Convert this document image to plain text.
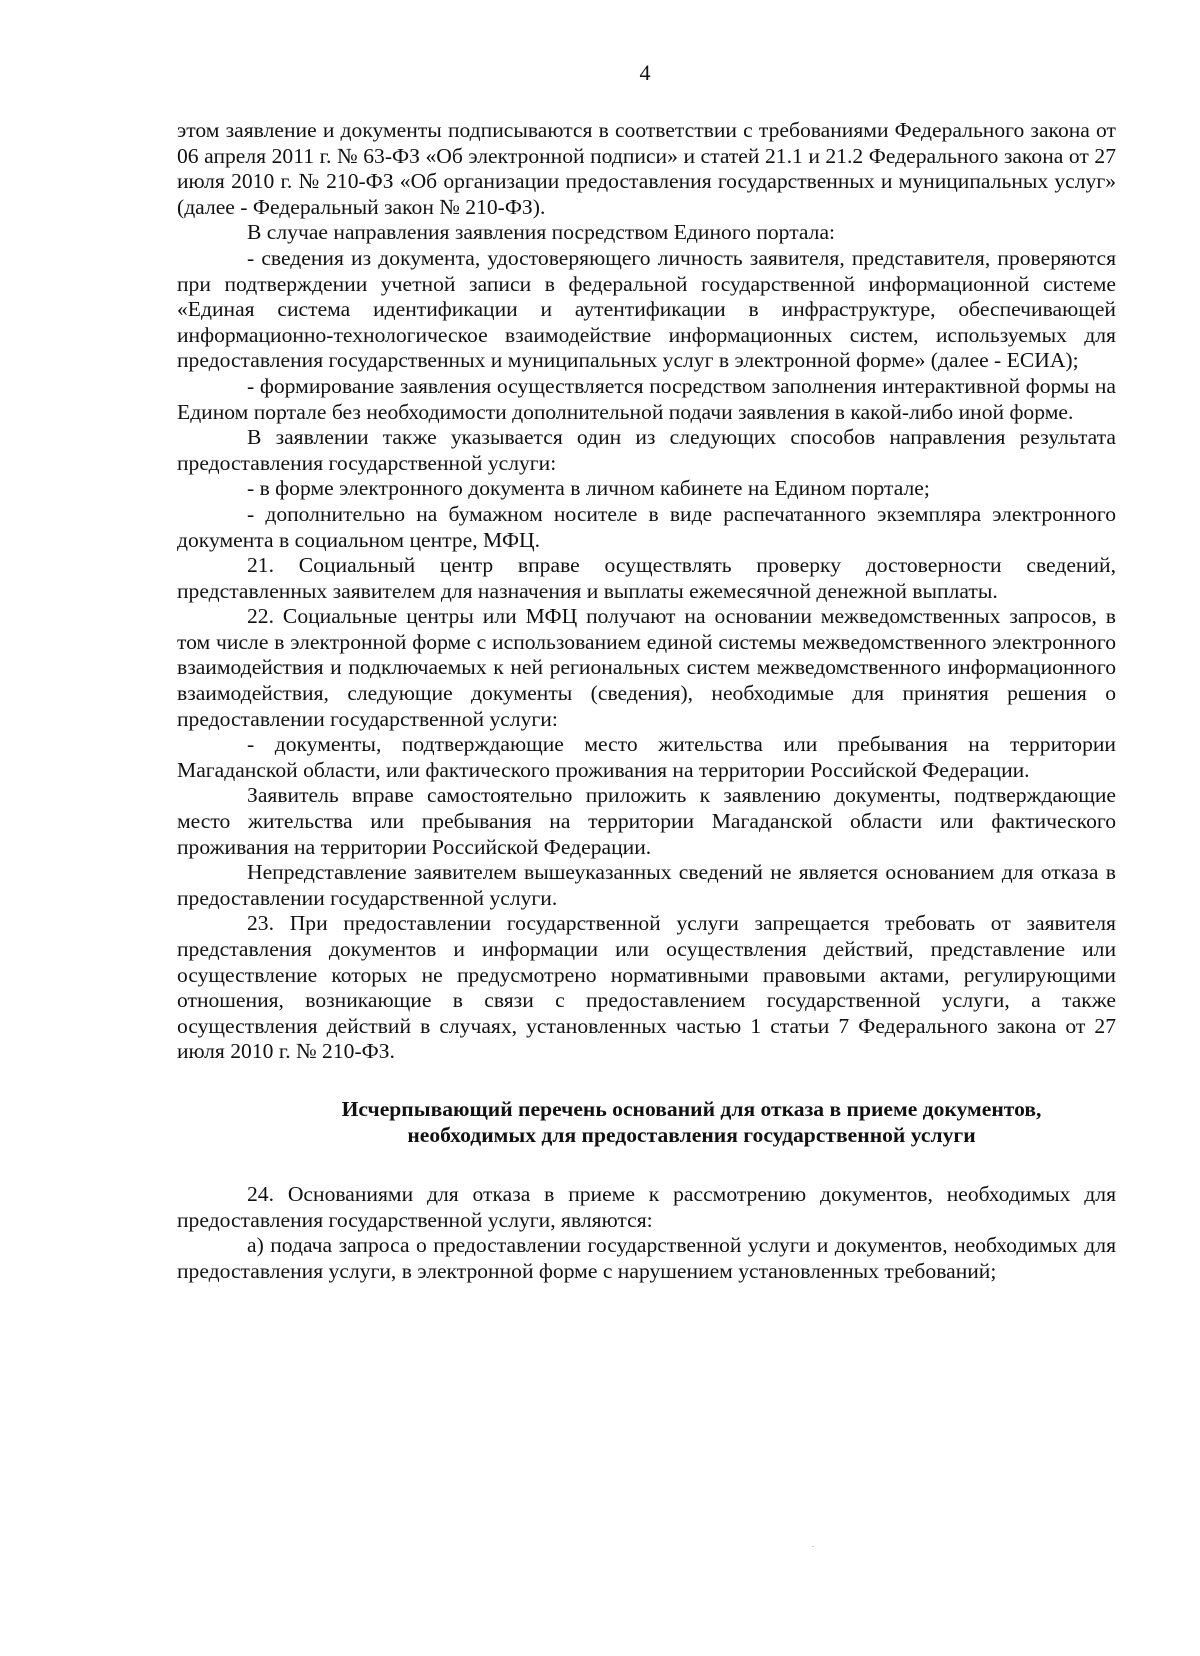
4

этом заявление и документы подписываются в соответствии с требованиями Федерального закона от 06 апреля 2011 г. № 63-ФЗ «Об электронной подписи» и статей 21.1 и 21.2 Федерального закона от 27 июля 2010 г. № 210-ФЗ «Об организации предоставления государственных и муниципальных услуг» (далее - Федеральный закон № 210-ФЗ).

В случае направления заявления посредством Единого портала:

- сведения из документа, удостоверяющего личность заявителя, представителя, проверяются при подтверждении учетной записи в федеральной государственной информационной системе «Единая система идентификации и аутентификации в инфраструктуре, обеспечивающей информационно-технологическое взаимодействие информационных систем, используемых для предоставления государственных и муниципальных услуг в электронной форме» (далее - ЕСИА);

- формирование заявления осуществляется посредством заполнения интерактивной формы на Едином портале без необходимости дополнительной подачи заявления в какой-либо иной форме.

В заявлении также указывается один из следующих способов направления результата предоставления государственной услуги:

- в форме электронного документа в личном кабинете на Едином портале;

- дополнительно на бумажном носителе в виде распечатанного экземпляра электронного документа в социальном центре, МФЦ.

21. Социальный центр вправе осуществлять проверку достоверности сведений, представленных заявителем для назначения и выплаты ежемесячной денежной выплаты.

22. Социальные центры или МФЦ получают на основании межведомственных запросов, в том числе в электронной форме с использованием единой системы межведомственного электронного взаимодействия и подключаемых к ней региональных систем межведомственного информационного взаимодействия, следующие документы (сведения), необходимые для принятия решения о предоставлении государственной услуги:

- документы, подтверждающие место жительства или пребывания на территории Магаданской области, или фактического проживания на территории Российской Федерации.

Заявитель вправе самостоятельно приложить к заявлению документы, подтверждающие место жительства или пребывания на территории Магаданской области или фактического проживания на территории Российской Федерации.

Непредставление заявителем вышеуказанных сведений не является основанием для отказа в предоставлении государственной услуги.

23. При предоставлении государственной услуги запрещается требовать от заявителя представления документов и информации или осуществления действий, представление или осуществление которых не предусмотрено нормативными правовыми актами, регулирующими отношения, возникающие в связи с предоставлением государственной услуги, а также осуществления действий в случаях, установленных частью 1 статьи 7 Федерального закона от 27 июля 2010 г. № 210-ФЗ.

Исчерпывающий перечень оснований для отказа в приеме документов,
необходимых для предоставления государственной услуги

24. Основаниями для отказа в приеме к рассмотрению документов, необходимых для предоставления государственной услуги, являются:

а) подача запроса о предоставлении государственной услуги и документов, необходимых для предоставления услуги, в электронной форме с нарушением установленных требований;
